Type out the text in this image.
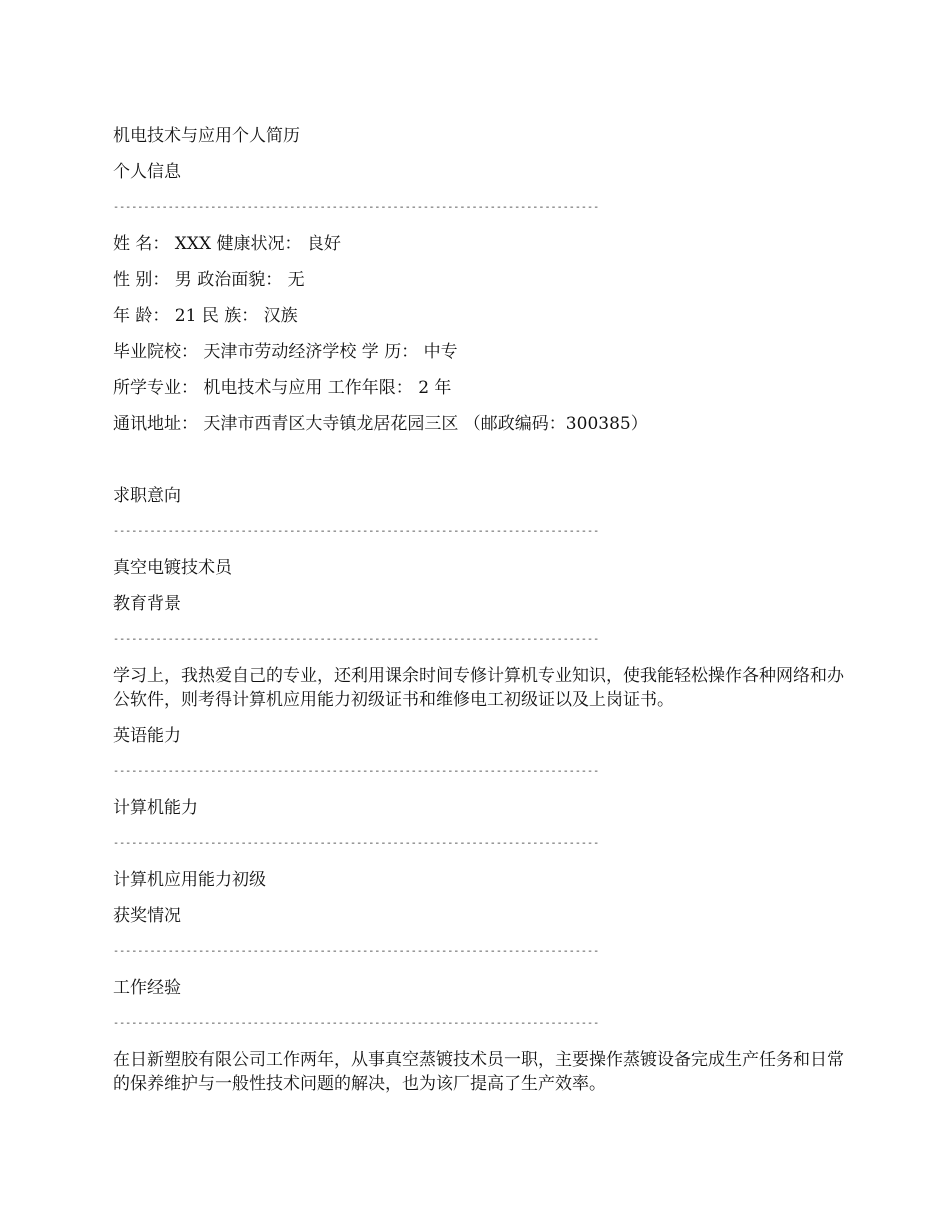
机电技术与应用个人简历
个人信息
--------------------------------------------------------------------------------
姓 名： XXX 健康状况： 良好
性 别： 男 政治面貌： 无
年 龄： 21 民 族： 汉族
毕业院校： 天津市劳动经济学校 学 历： 中专
所学专业： 机电技术与应用 工作年限： 2 年
通讯地址： 天津市西青区大寺镇龙居花园三区 （邮政编码：300385）
求职意向
--------------------------------------------------------------------------------
真空电镀技术员
教育背景
--------------------------------------------------------------------------------
学习上，我热爱自己的专业，还利用课余时间专修计算机专业知识，使我能轻松操作各种网络和办公软件，则考得计算机应用能力初级证书和维修电工初级证以及上岗证书。
英语能力
--------------------------------------------------------------------------------
计算机能力
--------------------------------------------------------------------------------
计算机应用能力初级
获奖情况
--------------------------------------------------------------------------------
工作经验
--------------------------------------------------------------------------------
在日新塑胶有限公司工作两年，从事真空蒸镀技术员一职，主要操作蒸镀设备完成生产任务和日常的保养维护与一般性技术问题的解决，也为该厂提高了生产效率。
